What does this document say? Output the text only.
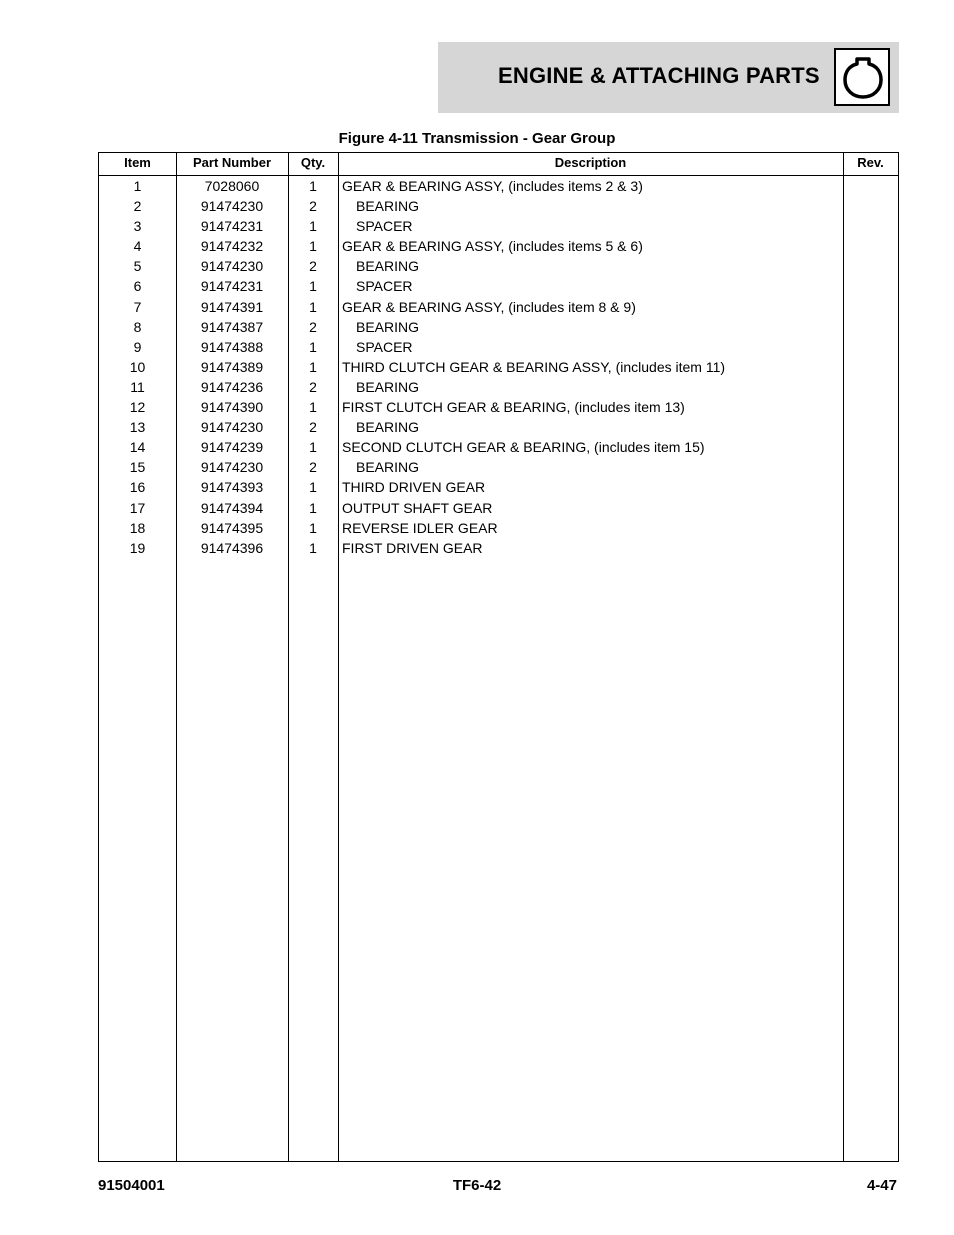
ENGINE & ATTACHING PARTS
Figure 4-11 Transmission - Gear Group
Item	Part Number	Qty.	Description	Rev.
1	7028060	1	GEAR & BEARING ASSY, (includes items 2 & 3)
2	91474230	2	BEARING
3	91474231	1	SPACER
4	91474232	1	GEAR & BEARING ASSY, (includes items 5 & 6)
5	91474230	2	BEARING
6	91474231	1	SPACER
7	91474391	1	GEAR & BEARING ASSY, (includes item 8 & 9)
8	91474387	2	BEARING
9	91474388	1	SPACER
10	91474389	1	THIRD CLUTCH GEAR & BEARING ASSY, (includes item 11)
11	91474236	2	BEARING
12	91474390	1	FIRST CLUTCH GEAR & BEARING, (includes item 13)
13	91474230	2	BEARING
14	91474239	1	SECOND CLUTCH GEAR & BEARING, (includes item 15)
15	91474230	2	BEARING
16	91474393	1	THIRD DRIVEN GEAR
17	91474394	1	OUTPUT SHAFT GEAR
18	91474395	1	REVERSE IDLER GEAR
19	91474396	1	FIRST DRIVEN GEAR
91504001	TF6-42	4-47
